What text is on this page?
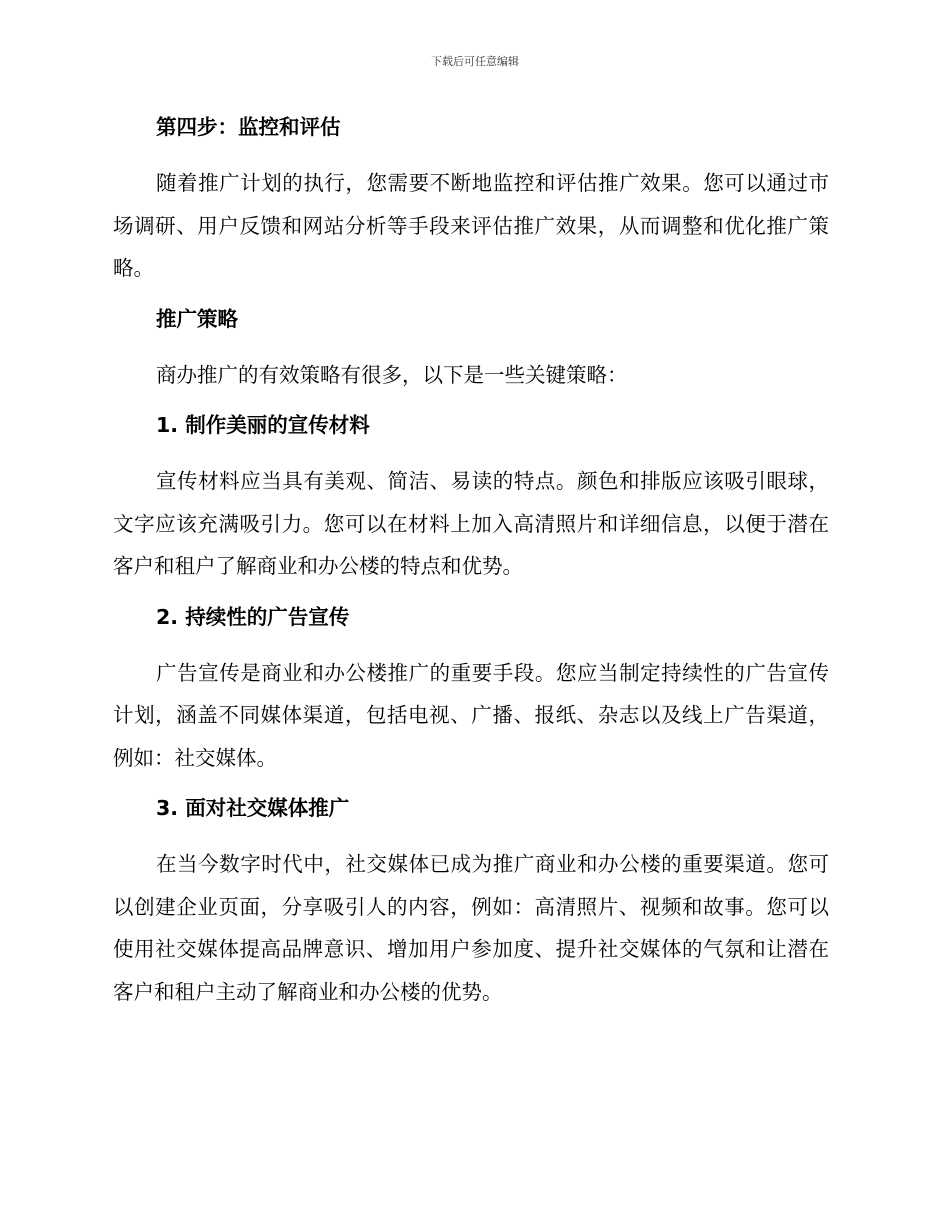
下载后可任意编辑
第四步：监控和评估
随着推广计划的执行，您需要不断地监控和评估推广效果。您可以通过市场调研、用户反馈和网站分析等手段来评估推广效果，从而调整和优化推广策略。
推广策略
商办推广的有效策略有很多，以下是一些关键策略：
1. 制作美丽的宣传材料
宣传材料应当具有美观、简洁、易读的特点。颜色和排版应该吸引眼球，文字应该充满吸引力。您可以在材料上加入高清照片和详细信息，以便于潜在客户和租户了解商业和办公楼的特点和优势。
2. 持续性的广告宣传
广告宣传是商业和办公楼推广的重要手段。您应当制定持续性的广告宣传计划，涵盖不同媒体渠道，包括电视、广播、报纸、杂志以及线上广告渠道，例如：社交媒体。
3. 面对社交媒体推广
在当今数字时代中，社交媒体已成为推广商业和办公楼的重要渠道。您可以创建企业页面，分享吸引人的内容，例如：高清照片、视频和故事。您可以使用社交媒体提高品牌意识、增加用户参加度、提升社交媒体的气氛和让潜在客户和租户主动了解商业和办公楼的优势。
